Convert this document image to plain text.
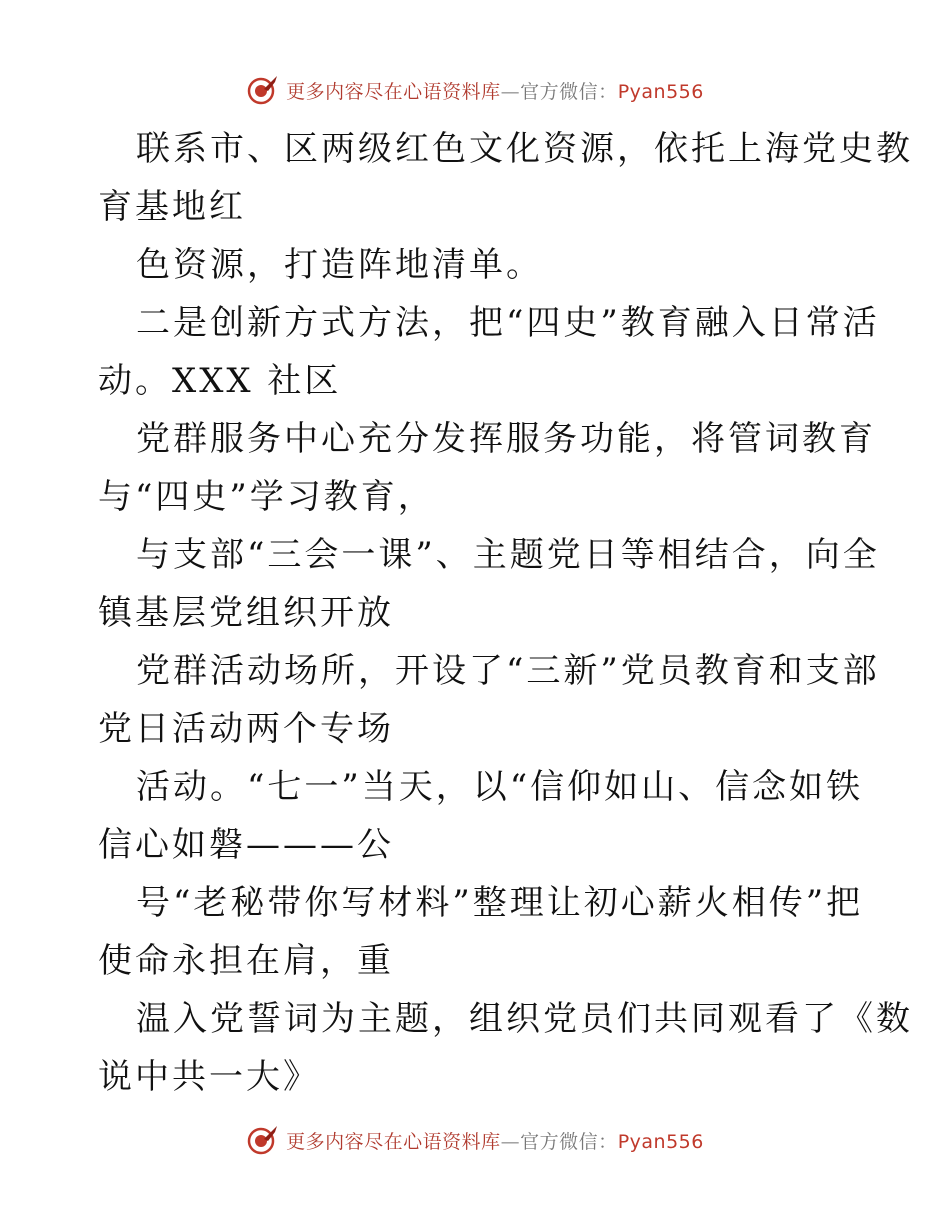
更多内容尽在心语资料库—官方微信：Pyan556
联系市、区两级红色文化资源，依托上海党史教
育基地红
色资源，打造阵地清单。
二是创新方式方法，把“四史”教育融入日常活
动。XXX 社区
党群服务中心充分发挥服务功能，将管词教育
与“四史”学习教育，
与支部“三会一课”、主题党日等相结合，向全
镇基层党组织开放
党群活动场所，开设了“三新”党员教育和支部
党日活动两个专场
活动。“七一”当天，以“信仰如山、信念如铁
信心如磐———公
号“老秘带你写材料”整理让初心薪火相传”把
使命永担在肩，重
温入党誓词为主题，组织党员们共同观看了《数
说中共一大》
更多内容尽在心语资料库—官方微信：Pyan556
